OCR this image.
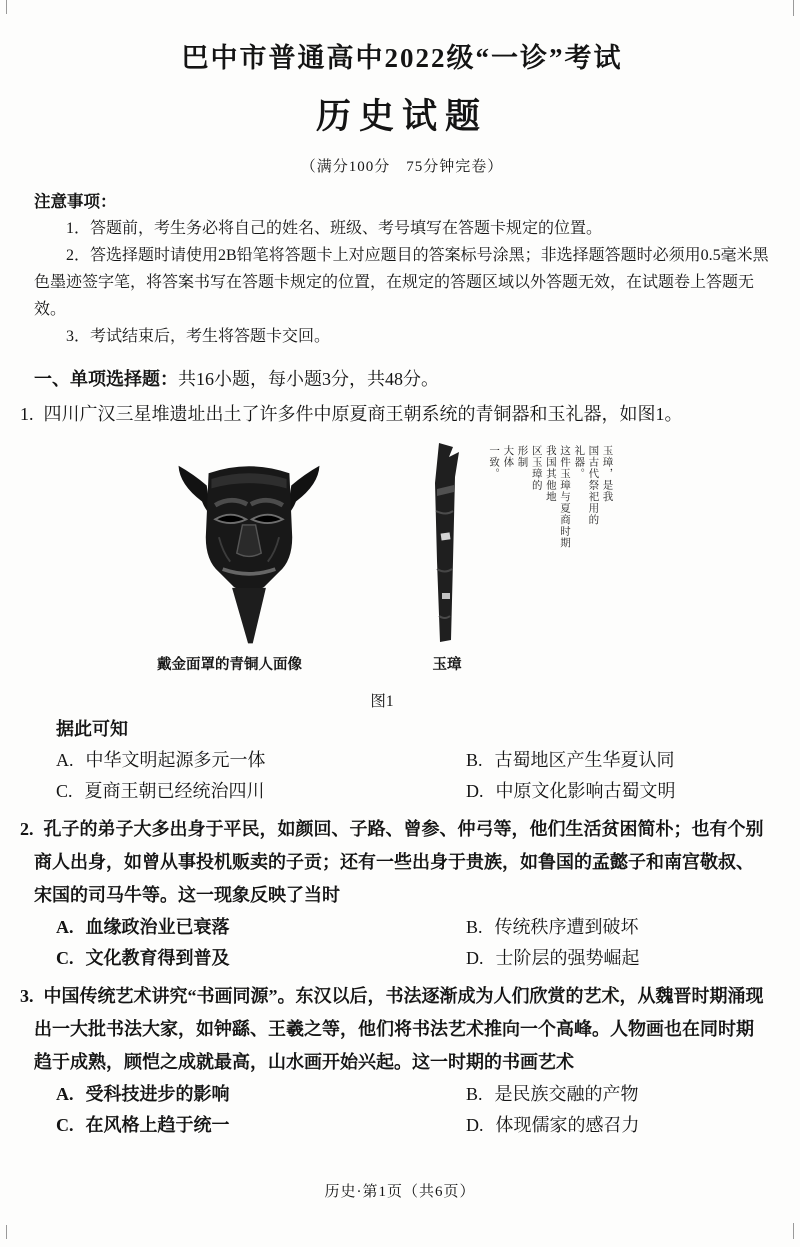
巴中市普通高中2022级“一诊”考试
历史试题
（满分100分　75分钟完卷）
注意事项：

1．答题前，考生务必将自己的姓名、班级、考号填写在答题卡规定的位置。

2．答选择题时请使用2B铅笔将答题卡上对应题目的答案标号涂黑；非选择题答题时必须用0.5毫米黑色墨迹签字笔，将答案书写在答题卡规定的位置，在规定的答题区域以外答题无效，在试题卷上答题无效。

3．考试结束后，考生将答题卡交回。

一、单项选择题：共16小题，每小题3分，共48分。

1. 四川广汉三星堆遗址出土了许多件中原夏商王朝系统的青铜器和玉礼器，如图1。

玉璋，是我
国古代祭祀用的
礼器。
这件玉璋与夏商时期
我国其他地
区玉璋的
形制
大体
一致。
戴金面罩的青铜人面像	玉璋
图1

据此可知

A. 中华文明起源多元一体	B. 古蜀地区产生华夏认同
C. 夏商王朝已经统治四川	D. 中原文化影响古蜀文明

2. 孔子的弟子大多出身于平民，如颜回、子路、曾参、仲弓等，他们生活贫困简朴；也有个别商人出身，如曾从事投机贩卖的子贡；还有一些出身于贵族，如鲁国的孟懿子和南宫敬叔、宋国的司马牛等。这一现象反映了当时

A. 血缘政治业已衰落	B. 传统秩序遭到破坏
C. 文化教育得到普及	D. 士阶层的强势崛起

3. 中国传统艺术讲究“书画同源”。东汉以后，书法逐渐成为人们欣赏的艺术，从魏晋时期涌现出一大批书法大家，如钟繇、王羲之等，他们将书法艺术推向一个高峰。人物画也在同时期趋于成熟，顾恺之成就最高，山水画开始兴起。这一时期的书画艺术

A. 受科技进步的影响	B. 是民族交融的产物
C. 在风格上趋于统一	D. 体现儒家的感召力
历史·第1页（共6页）
